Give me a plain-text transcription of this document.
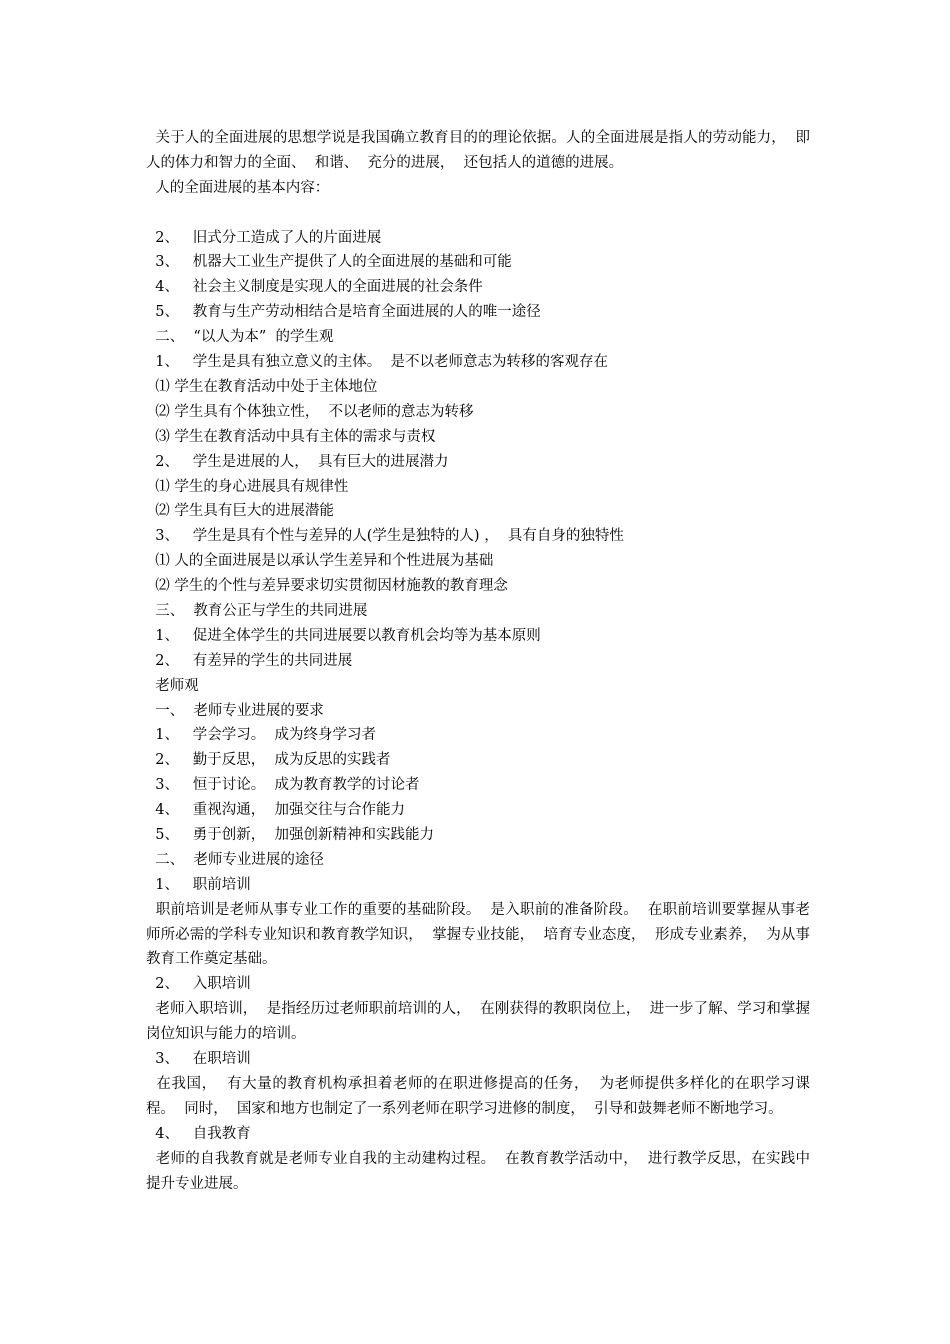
关于人的全面进展的思想学说是我国确立教育目的的理论依据。人的全面进展是指人的劳动能力，  即人的体力和智力的全面、  和谐、  充分的进展，  还包括人的道德的进展。
人的全面进展的基本内容：
2、   旧式分工造成了人的片面进展
3、   机器大工业生产提供了人的全面进展的基础和可能
4、   社会主义制度是实现人的全面进展的社会条件
5、   教育与生产劳动相结合是培育全面进展的人的唯一途径
二、  “以人为本”  的学生观
1、   学生是具有独立意义的主体。  是不以老师意志为转移的客观存在
⑴ 学生在教育活动中处于主体地位
⑵ 学生具有个体独立性，  不以老师的意志为转移
⑶ 学生在教育活动中具有主体的需求与责权
2、   学生是进展的人，  具有巨大的进展潜力
⑴ 学生的身心进展具有规律性
⑵ 学生具有巨大的进展潜能
3、   学生是具有个性与差异的人(学生是独特的人) ，  具有自身的独特性
⑴ 人的全面进展是以承认学生差异和个性进展为基础
⑵ 学生的个性与差异要求切实贯彻因材施教的教育理念
三、  教育公正与学生的共同进展
1、   促进全体学生的共同进展要以教育机会均等为基本原则
2、   有差异的学生的共同进展
老师观
一、  老师专业进展的要求
1、   学会学习。  成为终身学习者
2、   勤于反思，  成为反思的实践者
3、   恒于讨论。  成为教育教学的讨论者
4、   重视沟通，  加强交往与合作能力
5、   勇于创新，  加强创新精神和实践能力
二、  老师专业进展的途径
1、   职前培训
职前培训是老师从事专业工作的重要的基础阶段。  是入职前的准备阶段。  在职前培训要掌握从事老师所必需的学科专业知识和教育教学知识，  掌握专业技能，  培育专业态度，  形成专业素养，  为从事教育工作奠定基础。
2、   入职培训
老师入职培训，  是指经历过老师职前培训的人，  在刚获得的教职岗位上，  进一步了解、学习和掌握岗位知识与能力的培训。
3、   在职培训
在我国，  有大量的教育机构承担着老师的在职进修提高的任务，  为老师提供多样化的在职学习课程。  同时，  国家和地方也制定了一系列老师在职学习进修的制度，  引导和鼓舞老师不断地学习。
4、   自我教育
老师的自我教育就是老师专业自我的主动建构过程。  在教育教学活动中，  进行教学反思，在实践中提升专业进展。
